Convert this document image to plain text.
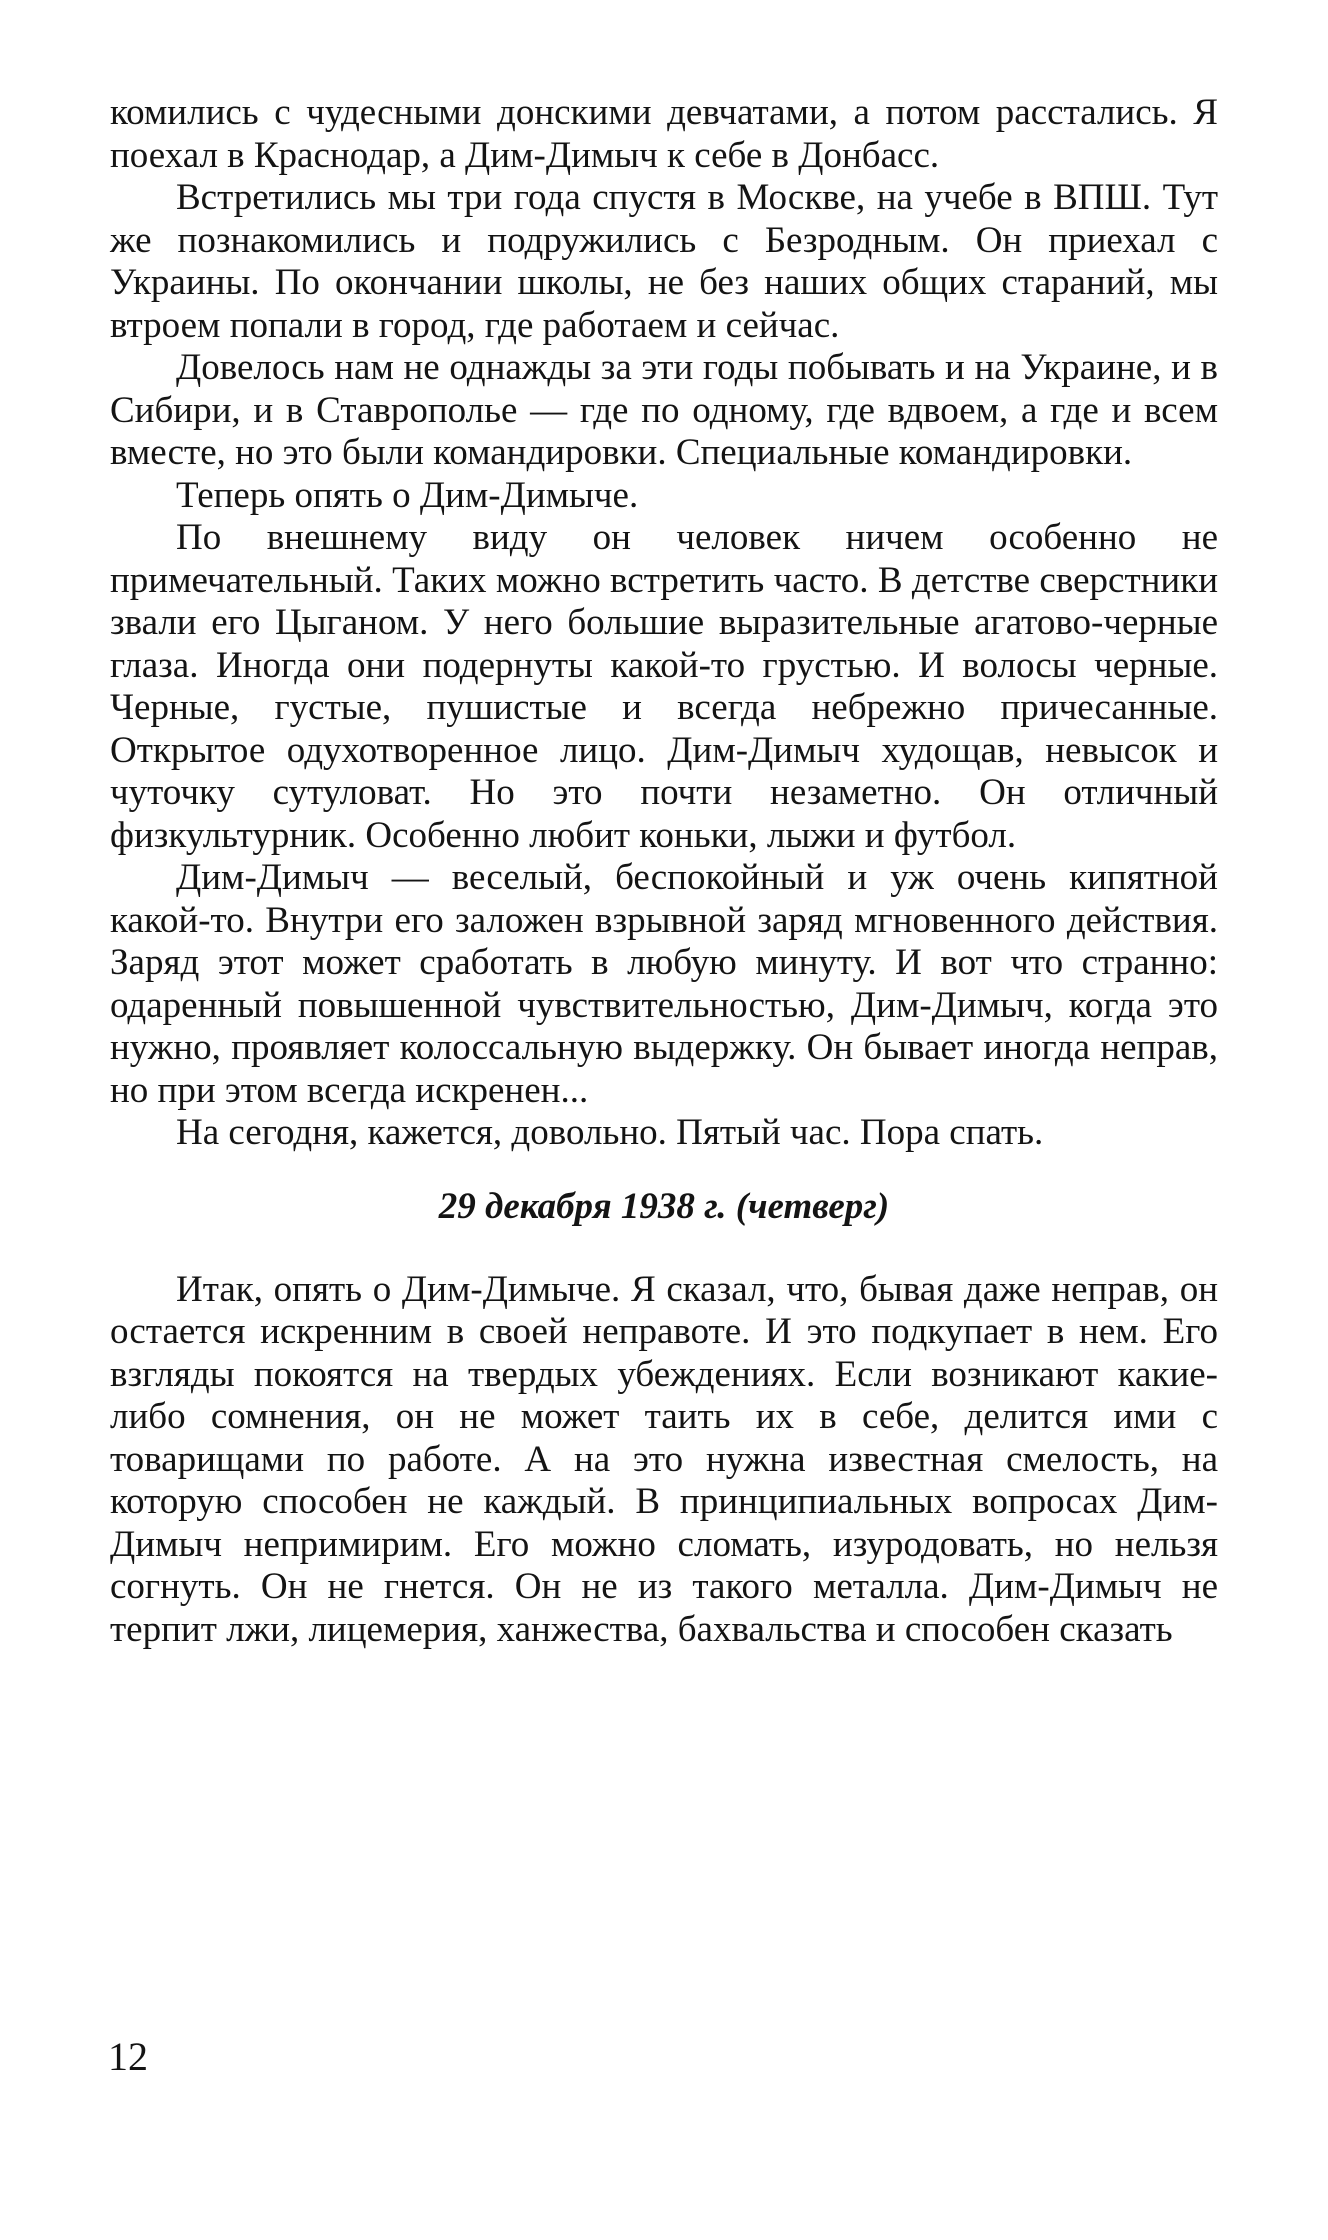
комились с чудесными донскими девчатами, а потом расстались. Я поехал в Краснодар, а Дим-Димыч к себе в Донбасс.

Встретились мы три года спустя в Москве, на учебе в ВПШ. Тут же познакомились и подружились с Безродным. Он приехал с Украины. По окончании школы, не без наших общих стараний, мы втроем попали в город, где работаем и сейчас.

Довелось нам не однажды за эти годы побывать и на Украине, и в Сибири, и в Ставрополье — где по одному, где вдвоем, а где и всем вместе, но это были командировки. Специальные командировки.

Теперь опять о Дим-Димыче.

По внешнему виду он человек ничем особенно не примечательный. Таких можно встретить часто. В детстве сверстники звали его Цыганом. У него большие выразительные агатово-черные глаза. Иногда они подернуты какой-то грустью. И волосы черные. Черные, густые, пушистые и всегда небрежно причесанные. Открытое одухотворенное лицо. Дим-Димыч худощав, невысок и чуточку сутуловат. Но это почти незаметно. Он отличный физкультурник. Особенно любит коньки, лыжи и футбол.

Дим-Димыч — веселый, беспокойный и уж очень кипятной какой-то. Внутри его заложен взрывной заряд мгновенного действия. Заряд этот может сработать в любую минуту. И вот что странно: одаренный повышенной чувствительностью, Дим-Димыч, когда это нужно, проявляет колоссальную выдержку. Он бывает иногда неправ, но при этом всегда искренен...

На сегодня, кажется, довольно. Пятый час. Пора спать.

29 декабря 1938 г. (четверг)

Итак, опять о Дим-Димыче. Я сказал, что, бывая даже неправ, он остается искренним в своей неправоте. И это подкупает в нем. Его взгляды покоятся на твердых убеждениях. Если возникают какие-либо сомнения, он не может таить их в себе, делится ими с товарищами по работе. А на это нужна известная смелость, на которую способен не каждый. В принципиальных вопросах Дим-Димыч непримирим. Его можно сломать, изуродовать, но нельзя согнуть. Он не гнется. Он не из такого металла. Дим-Димыч не терпит лжи, лицемерия, ханжества, бахвальства и способен сказать

12
